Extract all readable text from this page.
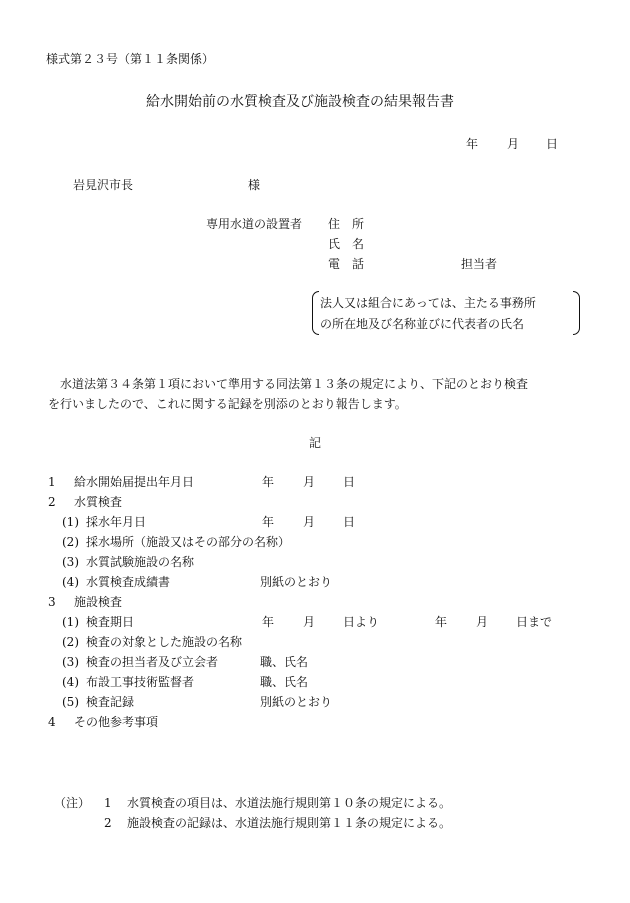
様式第２３号（第１１条関係）
給水開始前の水質検査及び施設検査の結果報告書
年 月 日
岩見沢市長	様
専用水道の設置者 住　所
氏　名
電　話	担当者
法人又は組合にあっては、主たる事務所
の所在地及び名称並びに代表者の氏名
　水道法第３４条第１項において準用する同法第１３条の規定により、下記のとおり検査
を行いましたので、これに関する記録を別添のとおり報告します。
記
1 給水開始届提出年月日	年 月 日
2 水質検査
(1) 採水年月日	年 月 日
(2) 採水場所（施設又はその部分の名称）
(3) 水質試験施設の名称
(4) 水質検査成績書	別紙のとおり
3 施設検査
(1) 検査期日	年 月 日より	年 月 日まで
(2) 検査の対象とした施設の名称
(3) 検査の担当者及び立会者	職、氏名
(4) 布設工事技術監督者	職、氏名
(5) 検査記録	別紙のとおり
4 その他参考事項
（注） 1 水質検査の項目は、水道法施行規則第１０条の規定による。
2 施設検査の記録は、水道法施行規則第１１条の規定による。
